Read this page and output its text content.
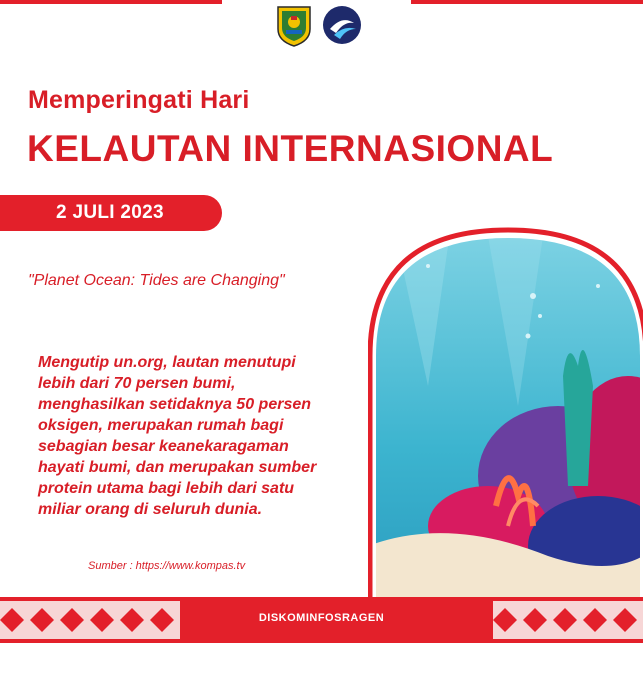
Memperingati Hari
KELAUTAN INTERNASIONAL
2 JULI 2023
"Planet Ocean: Tides are Changing"
Mengutip un.org, lautan menutupi
lebih dari 70 persen bumi,
menghasilkan setidaknya 50 persen
oksigen, merupakan rumah bagi
sebagian besar keanekaragaman
hayati bumi, dan merupakan sumber
protein utama bagi lebih dari satu
miliar orang di seluruh dunia.
Sumber : https://www.kompas.tv
DISKOMINFOSRAGEN
